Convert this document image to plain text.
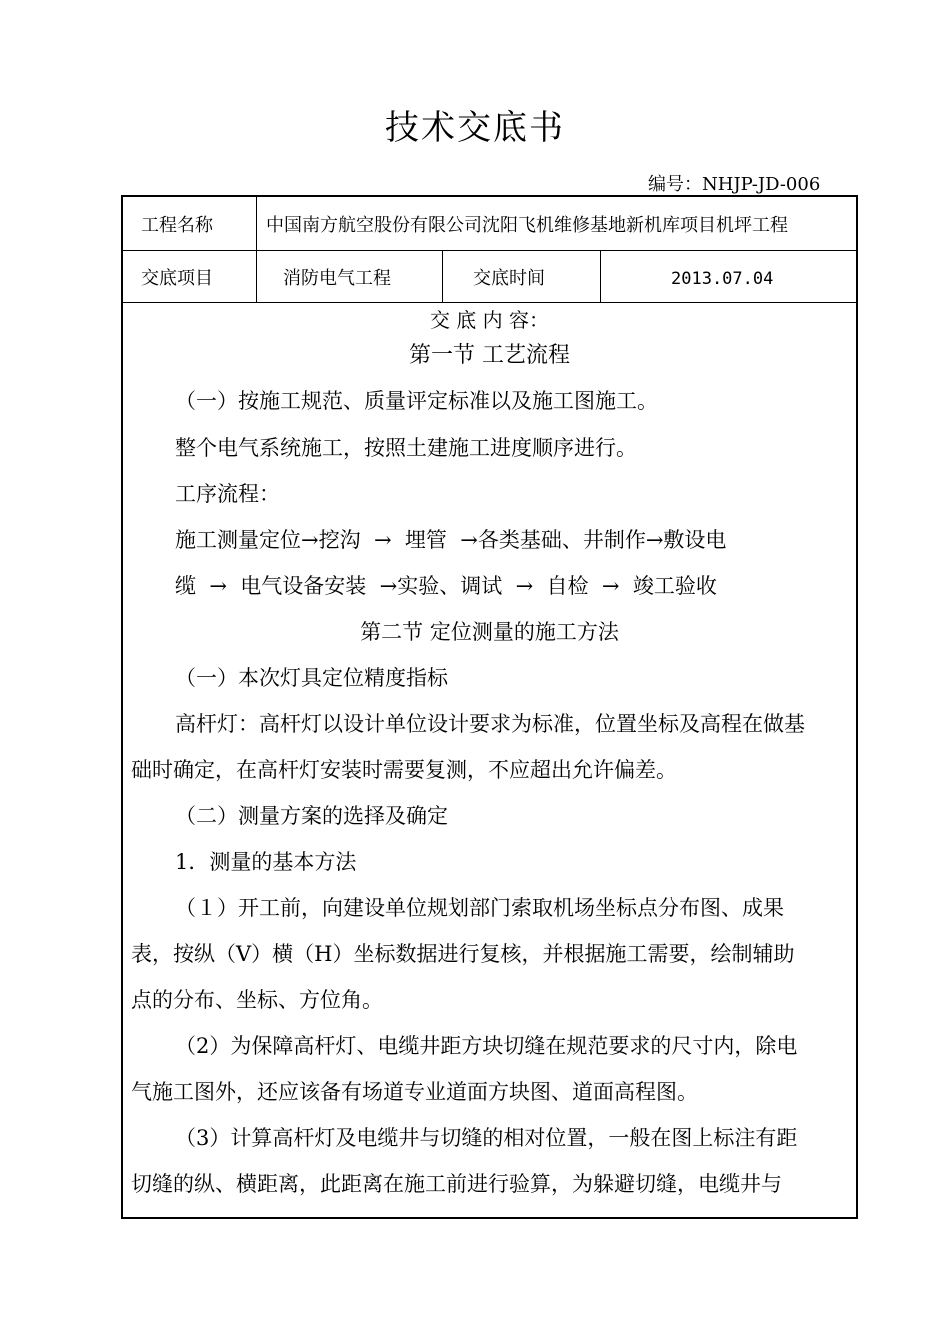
技术交底书
编号：NHJP-JD-006
工程名称	中国南方航空股份有限公司沈阳飞机维修基地新机库项目机坪工程
交底项目	消防电气工程	交底时间	2013.07.04
交 底 内 容：
第一节 工艺流程
（一）按施工规范、质量评定标准以及施工图施工。
整个电气系统施工，按照土建施工进度顺序进行。
工序流程：
施工测量定位→挖沟  →  埋管  →各类基础、井制作→敷设电
缆  →  电气设备安装  →实验、调试  →  自检  →  竣工验收
第二节 定位测量的施工方法
（一）本次灯具定位精度指标
高杆灯：高杆灯以设计单位设计要求为标准，位置坐标及高程在做基
础时确定，在高杆灯安装时需要复测，不应超出允许偏差。
（二）测量方案的选择及确定
1．测量的基本方法
（１）开工前，向建设单位规划部门索取机场坐标点分布图、成果
表，按纵（V）横（H）坐标数据进行复核，并根据施工需要，绘制辅助
点的分布、坐标、方位角。
（2）为保障高杆灯、电缆井距方块切缝在规范要求的尺寸内，除电
气施工图外，还应该备有场道专业道面方块图、道面高程图。
（3）计算高杆灯及电缆井与切缝的相对位置，一般在图上标注有距
切缝的纵、横距离，此距离在施工前进行验算，为躲避切缝，电缆井与
